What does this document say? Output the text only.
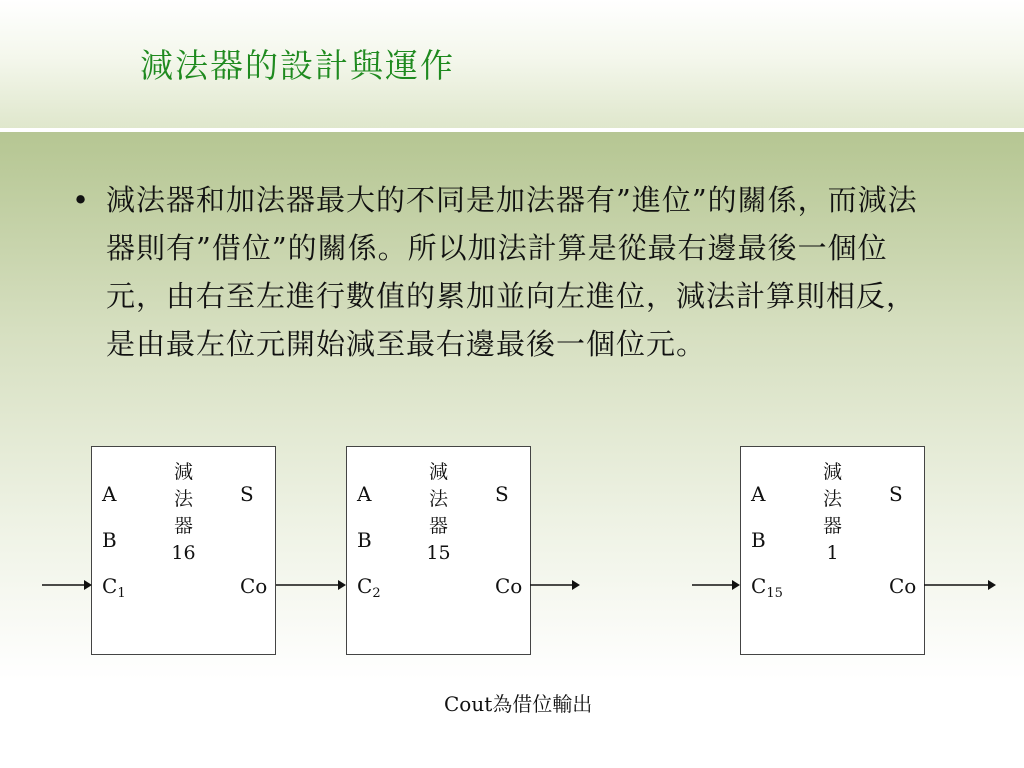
減法器的設計與運作
• 減法器和加法器最大的不同是加法器有”進位”的關係，而減法器則有”借位”的關係。所以加法計算是從最右邊最後一個位元，由右至左進行數值的累加並向左進位，減法計算則相反，是由最左位元開始減至最右邊最後一個位元。
A
B
$C_1$
減
法
器
16
S
Co
A
B
$C_2$
減
法
器
15
S
Co
A
B
$C_{15}$
減
法
器
1
S
Co
Cout為借位輸出
